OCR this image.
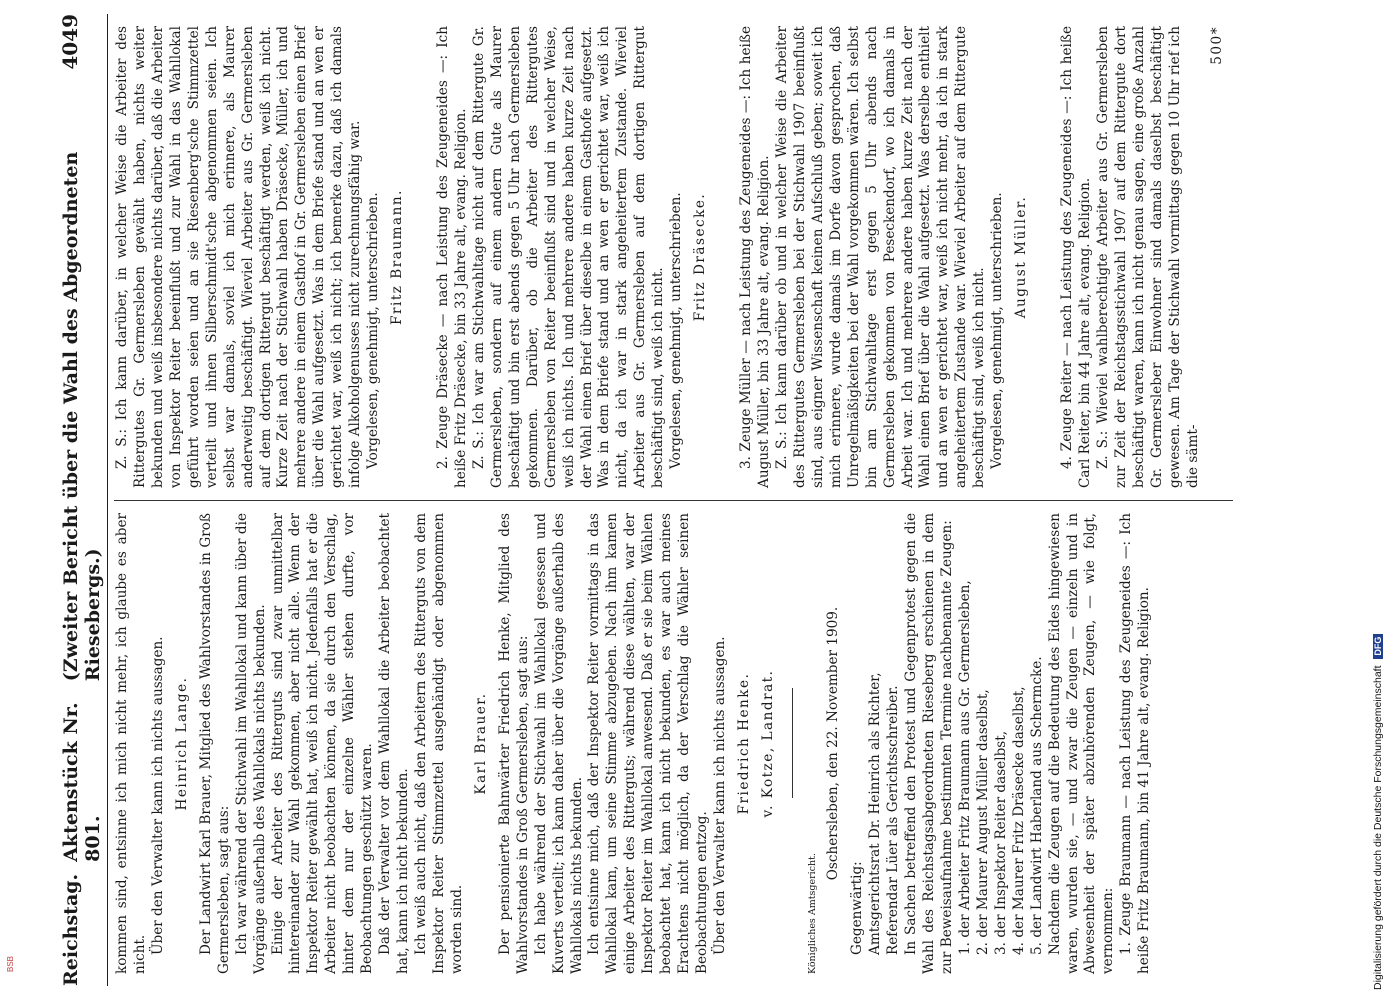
Reichstag.
Aktenstück Nr. 801.
(Zweiter Bericht über die Wahl des Abgeordneten Riesebergs.)
4049

kommen sind, entsinne ich mich nicht mehr, ich glaube es aber nicht. Über den Verwalter kann ich nichts aussagen. Heinrich Lange. Der Landwirt Karl Brauer, Mitglied des Wahlvorstandes in Groß Germersleben, sagt aus: Ich war während der Stichwahl im Wahllokal und kann über die Vorgänge außerhalb des Wahllokals nichts bekunden. Einige der Arbeiter des Ritterguts sind zwar unmittelbar hintereinander zur Wahl gekommen, aber nicht alle. Wenn der Inspektor Reiter gewählt hat, weiß ich nicht. Jedenfalls hat er die Arbeiter nicht beobachten können, da sie durch den Verschlag, hinter dem nur der einzelne Wähler stehen durfte, vor Beobachtungen geschützt waren. Daß der Verwalter vor dem Wahllokal die Arbeiter beobachtet hat, kann ich nicht bekunden. Ich weiß auch nicht, daß den Arbeitern des Ritterguts von dem Inspektor Reiter Stimmzettel ausgehändigt oder abgenommen worden sind.

Karl Brauer. Der pensionierte Bahnwärter Friedrich Henke, Mitglied des Wahlvorstandes in Groß Germersleben, sagt aus: Ich habe während der Stichwahl im Wahllokal gesessen und Kuverts verteilt; ich kann daher über die Vorgänge außerhalb des Wahllokals nichts bekunden. Ich entsinne mich, daß der Inspektor Reiter vormittags in das Wahllokal kam, um seine Stimme abzugeben. Nach ihm kamen einige Arbeiter des Ritterguts; während diese wählten, war der Inspektor Reiter im Wahllokal anwesend. Daß er sie beim Wählen beobachtet hat, kann ich nicht bekunden, es war auch meines Erachtens nicht möglich, da der Verschlag die Wähler seinen Beobachtungen entzog. Über den Verwalter kann ich nichts aussagen. Friedrich Henke. v. Kotze, Landrat.

Königliches Amtsgericht.

Oschersleben, den 22. November 1909.

Gegenwärtig: Amtsgerichtsrat Dr. Heinrich als Richter, Referendar Lüer als Gerichtsschreiber. In Sachen betreffend den Protest und Gegenprotest gegen die Wahl des Reichstagsabgeordneten Rieseberg erschienen in dem zur Beweisaufnahme bestimmten Termine nachbenannte Zeugen: 1. der Arbeiter Fritz Braumann aus Gr. Germersleben, 2. der Maurer August Müller daselbst, 3. der Inspektor Reiter daselbst, 4. der Maurer Fritz Dräsecke daselbst, 5. der Landwirt Haberland aus Schermcke. Nachdem die Zeugen auf die Bedeutung des Eides hingewiesen waren, wurden sie, — und zwar die Zeugen — einzeln und in Abwesenheit der später abzuhörenden Zeugen, — wie folgt, vernommen: 1. Zeuge Braumann — nach Leistung des Zeugeneides —: Ich heiße Fritz Braumann, bin 41 Jahre alt, evang. Religion.

Z. S.: Ich kann darüber, in welcher Weise die Arbeiter des Rittergutes Gr. Germersleben gewählt haben, nichts weiter bekunden und weiß insbesondere nichts darüber, daß die Arbeiter von Inspektor Reiter beeinflußt und zur Wahl in das Wahllokal geführt worden seien und an sie Riesenberg'sche Stimmzettel verteilt und ihnen Silberschmidt'sche abgenommen seien. Ich selbst war damals, soviel ich mich erinnere, als Maurer anderweitig beschäftigt. Wieviel Arbeiter aus Gr. Germersleben auf dem dortigen Rittergut beschäftigt werden, weiß ich nicht. Kurze Zeit nach der Stichwahl haben Dräsecke, Müller, ich und mehrere andere in einem Gasthof in Gr. Germersleben einen Brief über die Wahl aufgesetzt. Was in dem Briefe stand und an wen er gerichtet war, weiß ich nicht; ich bemerke dazu, daß ich damals infolge Alkoholgenusses nicht zurechnungsfähig war. Vorgelesen, genehmigt, unterschrieben. Fritz Braumann. 2. Zeuge Dräsecke — nach Leistung des Zeugeneides —: Ich heiße Fritz Dräsecke, bin 33 Jahre alt, evang. Religion. Z. S.: Ich war am Stichwahltage nicht auf dem Rittergute Gr. Germersleben, sondern auf einem andern Gute als Maurer beschäftigt und bin erst abends gegen 5 Uhr nach Germersleben gekommen. Darüber, ob die Arbeiter des Rittergutes Germersleben von Reiter beeinflußt sind und in welcher Weise, weiß ich nichts. Ich und mehrere andere haben kurze Zeit nach der Wahl einen Brief über dieselbe in einem Gasthofe aufgesetzt. Was in dem Briefe stand und an wen er gerichtet war, weiß ich nicht, da ich war in stark angeheitertem Zustande. Wieviel Arbeiter aus Gr. Germersleben auf dem dortigen Rittergut beschäftigt sind, weiß ich nicht. Vorgelesen, genehmigt, unterschrieben. Fritz Dräsecke. 3. Zeuge Müller — nach Leistung des Zeugeneides —: Ich heiße August Müller, bin 33 Jahre alt, evang. Religion. Z. S.: Ich kann darüber ob und in welcher Weise die Arbeiter des Rittergutes Germersleben bei der Stichwahl 1907 beeinflußt sind, aus eigner Wissenschaft keinen Aufschluß geben; soweit ich mich erinnere, wurde damals im Dorfe davon gesprochen, daß Unregelmäßigkeiten bei der Wahl vorgekommen wären. Ich selbst bin am Stichwahltage erst gegen 5 Uhr abends nach Germersleben gekommen von Peseckendorf, wo ich damals in Arbeit war. Ich und mehrere andere haben kurze Zeit nach der Wahl einen Brief über die Wahl aufgesetzt. Was derselbe enthielt und an wen er gerichtet war, weiß ich nicht mehr, da ich in stark angeheitertem Zustande war. Wieviel Arbeiter auf dem Rittergute beschäftigt sind, weiß ich nicht. Vorgelesen, genehmigt, unterschrieben. August Müller. 4. Zeuge Reiter — nach Leistung des Zeugeneides —: Ich heiße Carl Reiter, bin 44 Jahre alt, evang. Religion. Z. S.: Wieviel wahlberechtigte Arbeiter aus Gr. Germersleben zur Zeit der Reichstagsstichwahl 1907 auf dem Rittergute dort beschäftigt waren, kann ich nicht genau sagen, eine große Anzahl Gr. Germersleber Einwohner sind damals daselbst beschäftigt gewesen. Am Tage der Stichwahl vormittags gegen 10 Uhr rief ich die sämt-

500*

Digitalisierung gefördert durch die Deutsche Forschungsgemeinschaft DFG
BSB
